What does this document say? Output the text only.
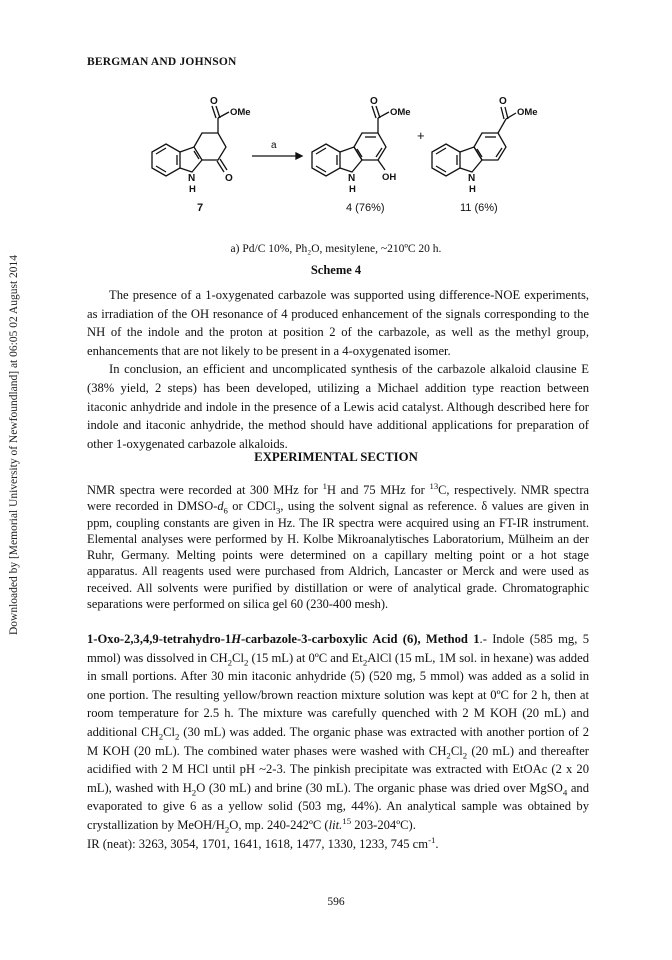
Downloaded by [Memorial University of Newfoundland] at 06:05 02 August 2014
BERGMAN AND JOHNSON
O
OMe
N
H
O
7
a
O
OMe
N
H
OH
4 (76%)
+
O
OMe
N
H
11 (6%)
a) Pd/C 10%, Ph₂O, mesitylene, ~210ºC 20 h.
Scheme 4

The presence of a 1-oxygenated carbazole was supported using difference-NOE experiments, as irradiation of the OH resonance of 4 produced enhancement of the signals corresponding to the NH of the indole and the proton at position 2 of the carbazole, as well as the methyl group, enhancements that are not likely to be present in a 4-oxygenated isomer.

In conclusion, an efficient and uncomplicated synthesis of the carbazole alkaloid clausine E (38% yield, 2 steps) has been developed, utilizing a Michael addition type reaction between itaconic anhydride and indole in the presence of a Lewis acid catalyst. Although described here for indole and itaconic anhydride, the method should have additional applications for preparation of other 1-oxygenated carbazole alkaloids.

EXPERIMENTAL SECTION

NMR spectra were recorded at 300 MHz for $^1$H and 75 MHz for $^{13}$C, respectively. NMR spectra were recorded in DMSO-$d_6$ or CDCl$_3$, using the solvent signal as reference. δ values are given in ppm, coupling constants are given in Hz. The IR spectra were acquired using an FT-IR instrument. Elemental analyses were performed by H. Kolbe Mikroanalytisches Laboratorium, Mülheim an der Ruhr, Germany. Melting points were determined on a capillary melting point or a hot stage apparatus. All reagents used were purchased from Aldrich, Lancaster or Merck and were used as received. All solvents were purified by distillation or were of analytical grade. Chromatographic separations were performed on silica gel 60 (230-400 mesh).

1-Oxo-2,3,4,9-tetrahydro-1H-carbazole-3-carboxylic Acid (6), Method 1.- Indole (585 mg, 5 mmol) was dissolved in $CH_2Cl_2$ (15 mL) at 0ºC and $Et_2AlCl$ (15 mL, 1M sol. in hexane) was added in small portions. After 30 min itaconic anhydride (5) (520 mg, 5 mmol) was added as a solid in one portion. The resulting yellow/brown reaction mixture solution was kept at 0ºC for 2 h, then at room temperature for 2.5 h. The mixture was carefully quenched with 2 M KOH (20 mL) and additional $CH_2Cl_2$ (30 mL) was added. The organic phase was extracted with another portion of 2 M KOH (20 mL). The combined water phases were washed with $CH_2Cl_2$ (20 mL) and thereafter acidified with 2 M HCl until pH ~2-3. The pinkish precipitate was extracted with EtOAc (2 x 20 mL), washed with $H_2O$ (30 mL) and brine (30 mL). The organic phase was dried over MgSO$_4$ and evaporated to give 6 as a yellow solid (503 mg, 44%). An analytical sample was obtained by crystallization by MeOH/$H_2O$, mp. 240-242ºC (lit.$^{15}$ 203-204ºC).

IR (neat): 3263, 3054, 1701, 1641, 1618, 1477, 1330, 1233, 745 $cm^{-1}$.

596
